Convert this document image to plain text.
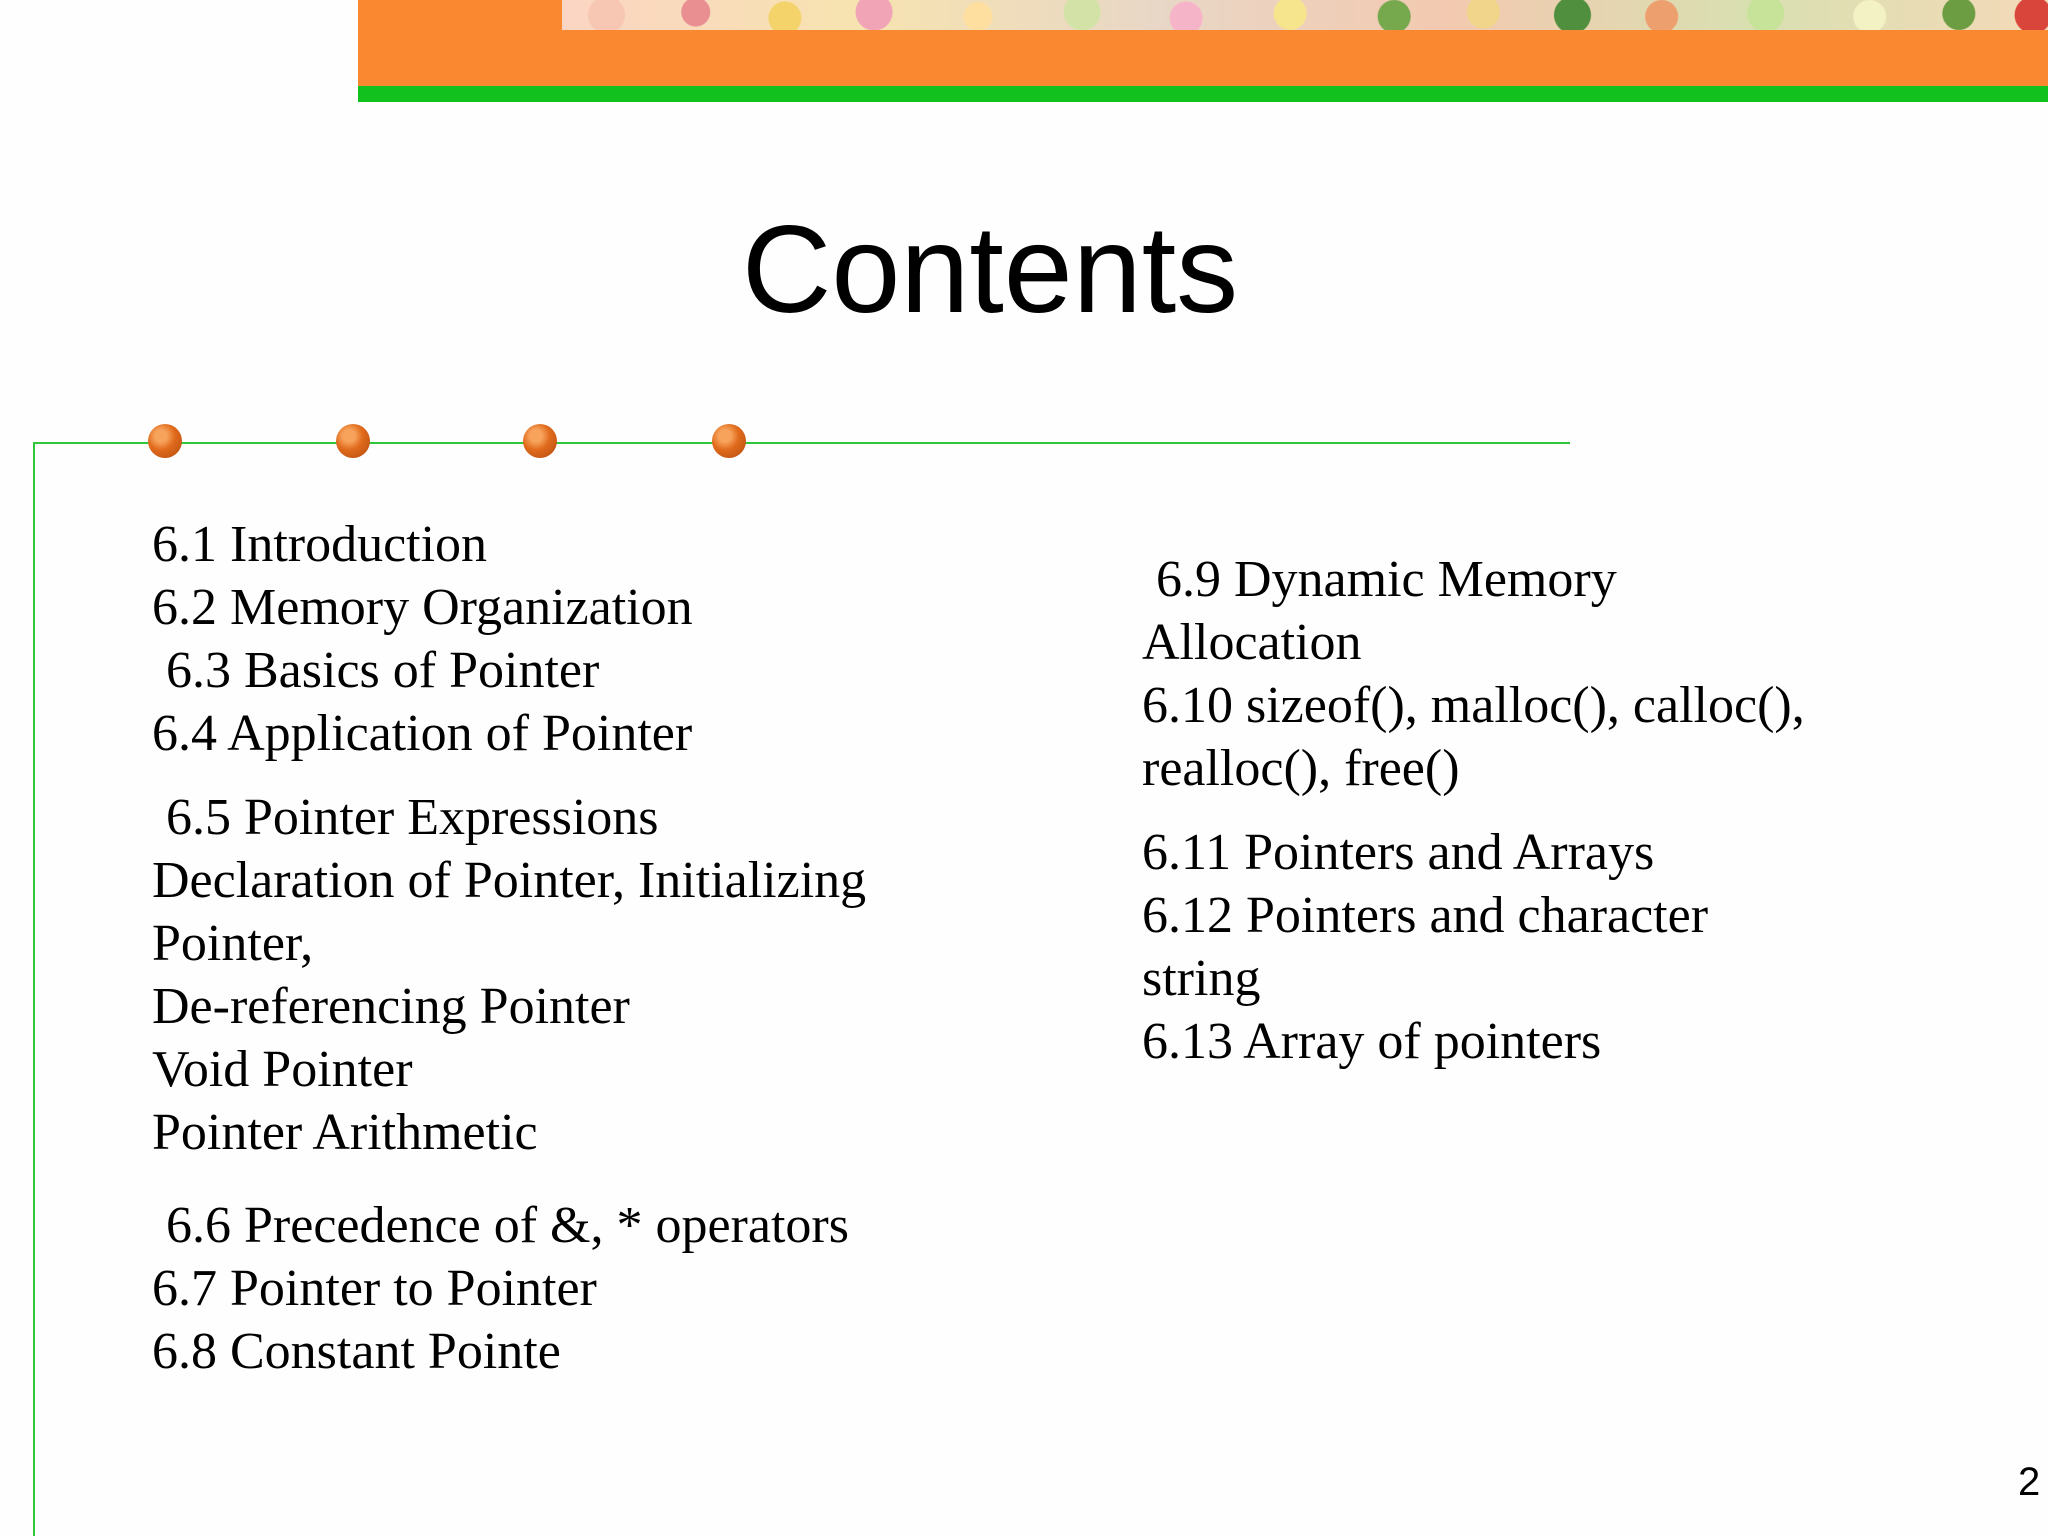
Contents
6.1 Introduction
6.2 Memory Organization
6.3 Basics of Pointer
6.4 Application of Pointer
6.5 Pointer Expressions
Declaration of Pointer, Initializing
Pointer,
De-referencing Pointer
Void Pointer
Pointer Arithmetic
6.6 Precedence of &, * operators
6.7 Pointer to Pointer
6.8 Constant Pointe
6.9 Dynamic Memory
Allocation
6.10 sizeof(), malloc(), calloc(),
realloc(), free()
6.11 Pointers and Arrays
6.12 Pointers and character
string
6.13 Array of pointers
2
